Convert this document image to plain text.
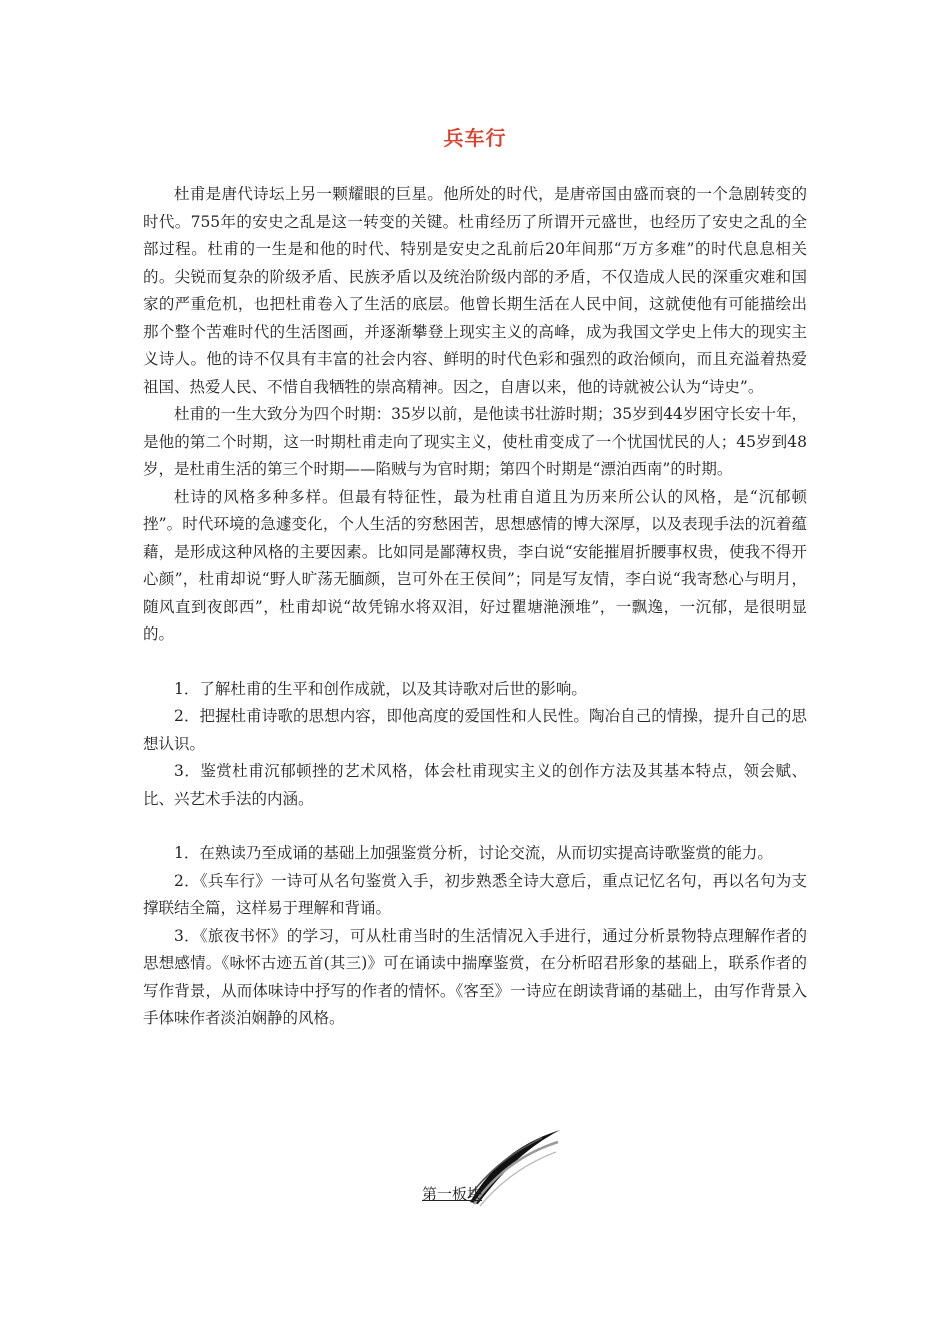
兵车行

杜甫是唐代诗坛上另一颗耀眼的巨星。他所处的时代，是唐帝国由盛而衰的一个急剧转变的时代。755年的安史之乱是这一转变的关键。杜甫经历了所谓开元盛世，也经历了安史之乱的全部过程。杜甫的一生是和他的时代、特别是安史之乱前后20年间那“万方多难”的时代息息相关的。尖锐而复杂的阶级矛盾、民族矛盾以及统治阶级内部的矛盾，不仅造成人民的深重灾难和国家的严重危机，也把杜甫卷入了生活的底层。他曾长期生活在人民中间，这就使他有可能描绘出那个整个苦难时代的生活图画，并逐渐攀登上现实主义的高峰，成为我国文学史上伟大的现实主义诗人。他的诗不仅具有丰富的社会内容、鲜明的时代色彩和强烈的政治倾向，而且充溢着热爱祖国、热爱人民、不惜自我牺牲的崇高精神。因之，自唐以来，他的诗就被公认为“诗史”。

杜甫的一生大致分为四个时期：35岁以前，是他读书壮游时期；35岁到44岁困守长安十年，是他的第二个时期，这一时期杜甫走向了现实主义，使杜甫变成了一个忧国忧民的人；45岁到48岁，是杜甫生活的第三个时期——陷贼与为官时期；第四个时期是“漂泊西南”的时期。

杜诗的风格多种多样。但最有特征性，最为杜甫自道且为历来所公认的风格，是“沉郁顿挫”。时代环境的急遽变化，个人生活的穷愁困苦，思想感情的博大深厚，以及表现手法的沉着蕴藉，是形成这种风格的主要因素。比如同是鄙薄权贵，李白说“安能摧眉折腰事权贵，使我不得开心颜”，杜甫却说“野人旷荡无腼颜，岂可外在王侯间”；同是写友情，李白说“我寄愁心与明月，随风直到夜郎西”，杜甫却说“故凭锦水将双泪，好过瞿塘滟滪堆”，一飘逸，一沉郁，是很明显的。

1．了解杜甫的生平和创作成就，以及其诗歌对后世的影响。

2．把握杜甫诗歌的思想内容，即他高度的爱国性和人民性。陶冶自己的情操，提升自己的思想认识。

3．鉴赏杜甫沉郁顿挫的艺术风格，体会杜甫现实主义的创作方法及其基本特点，领会赋、比、兴艺术手法的内涵。

1．在熟读乃至成诵的基础上加强鉴赏分析，讨论交流，从而切实提高诗歌鉴赏的能力。

2．《兵车行》一诗可从名句鉴赏入手，初步熟悉全诗大意后，重点记忆名句，再以名句为支撑联结全篇，这样易于理解和背诵。

3．《旅夜书怀》的学习，可从杜甫当时的生活情况入手进行，通过分析景物特点理解作者的思想感情。《咏怀古迹五首(其三)》可在诵读中揣摩鉴赏，在分析昭君形象的基础上，联系作者的写作背景，从而体味诗中抒写的作者的情怀。《客至》一诗应在朗读背诵的基础上，由写作背景入手体味作者淡泊娴静的风格。

第一板块
